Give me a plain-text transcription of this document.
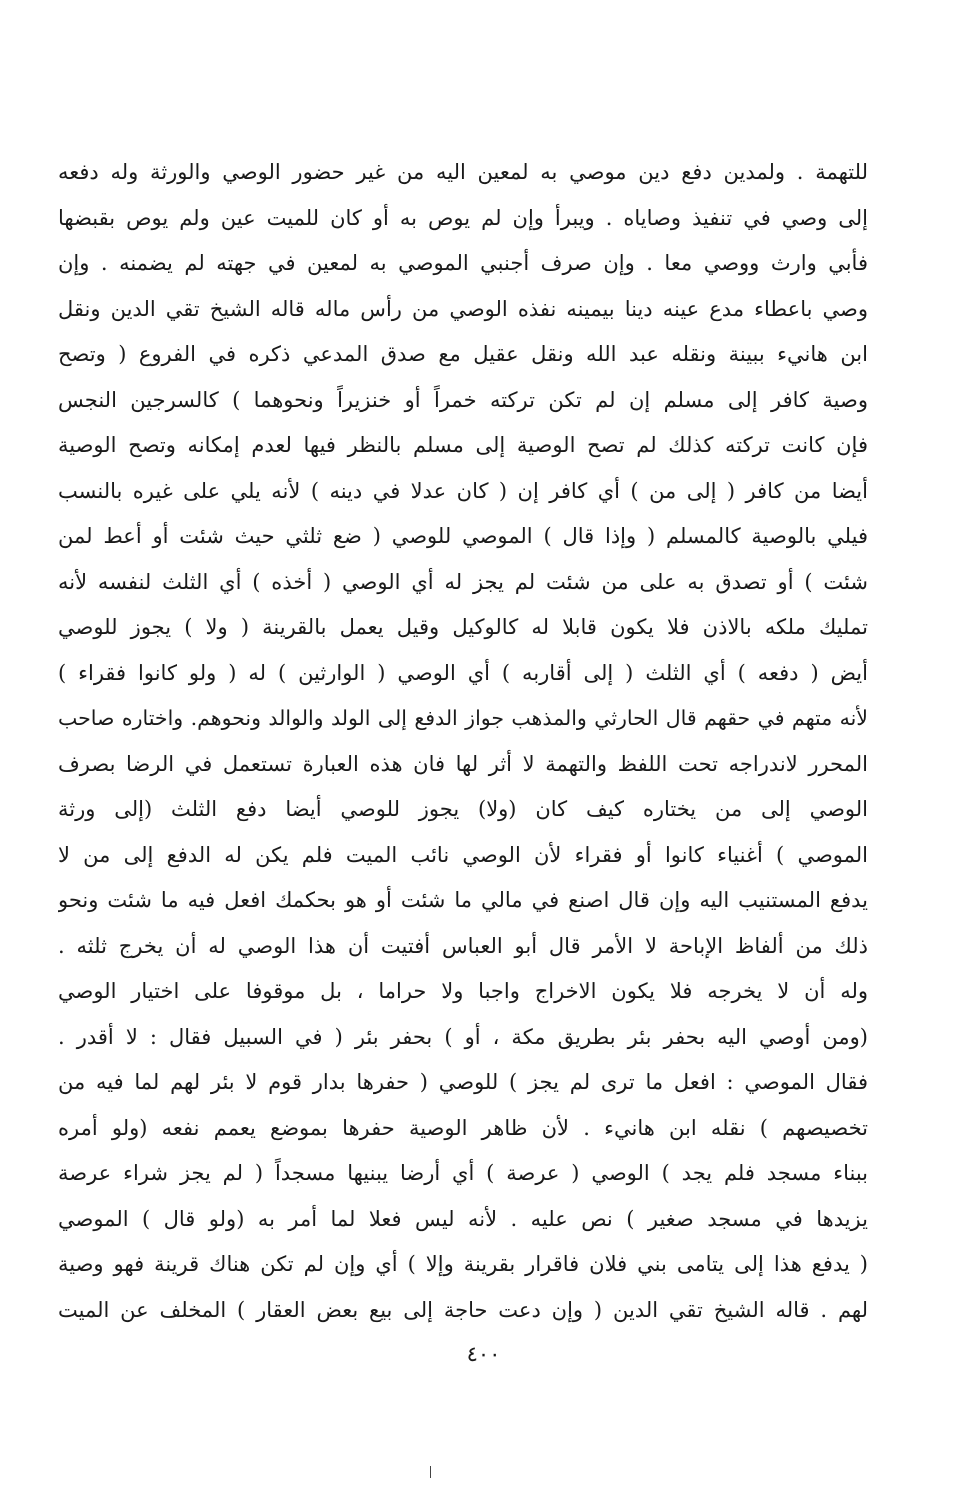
للتهمة . ولمدين دفع دين موصي به لمعين اليه من غير حضور الوصي والورثة وله دفعه
إلى وصي في تنفيذ وصاياه . ويبرأ وإن لم يوص به أو كان للميت عين ولم يوص بقبضها
فأبي وارث ووصي معا . وإن صرف أجنبي الموصي به لمعين في جهته لم يضمنه . وإن
وصي باعطاء مدع عينه دينا بيمينه نفذه الوصي من رأس ماله قاله الشيخ تقي الدين ونقل
ابن هانيء ببينة ونقله عبد الله ونقل عقيل مع صدق المدعي ذكره في الفروع ( وتصح
وصية كافر إلى مسلم إن لم تكن تركته خمراً أو خنزيراً ونحوهما ) كالسرجين النجس
فإن كانت تركته كذلك لم تصح الوصية إلى مسلم بالنظر فيها لعدم إمكانه وتصح الوصية
أيضا من كافر ( إلى من ) أي كافر إن ( كان عدلا في دينه ) لأنه يلي على غيره بالنسب
فيلي بالوصية كالمسلم ( وإذا قال ) الموصي للوصي ( ضع ثلثي حيث شئت أو أعط لمن
شئت ) أو تصدق به على من شئت لم يجز له أي الوصي ( أخذه ) أي الثلث لنفسه لأنه
تمليك ملكه بالاذن فلا يكون قابلا له كالوكيل وقيل يعمل بالقرينة ( ولا ) يجوز للوصي
أيض ( دفعه ) أي الثلث ( إلى أقاربه ) أي الوصي ( الوارثين ) له ( ولو كانوا فقراء )
لأنه متهم في حقهم قال الحارثي والمذهب جواز الدفع إلى الولد والوالد ونحوهم. واختاره صاحب
المحرر لاندراجه تحت اللفظ والتهمة لا أثر لها فان هذه العبارة تستعمل في الرضا بصرف
الوصي إلى من يختاره كيف كان (ولا) يجوز للوصي أيضا دفع الثلث (إلى ورثة
الموصي ) أغنياء كانوا أو فقراء لأن الوصي نائب الميت فلم يكن له الدفع إلى من لا
يدفع المستنيب اليه وإن قال اصنع في مالي ما شئت أو هو بحكمك افعل فيه ما شئت ونحو
ذلك من ألفاظ الإباحة لا الأمر قال أبو العباس أفتيت أن هذا الوصي له أن يخرج ثلثه .
وله أن لا يخرجه فلا يكون الاخراج واجبا ولا حراما ، بل موقوفا على اختيار الوصي
(ومن أوصي اليه بحفر بئر بطريق مكة ، أو ) بحفر بئر ( في السبيل فقال : لا أقدر .
فقال الموصي : افعل ما ترى لم يجز ) للوصي ( حفرها بدار قوم لا بئر لهم لما فيه من
تخصيصهم ) نقله ابن هانيء . لأن ظاهر الوصية حفرها بموضع يعمم نفعه (ولو أمره
ببناء مسجد فلم يجد ) الوصي ( عرصة ) أي أرضا يبنيها مسجداً ( لم يجز شراء عرصة
يزيدها في مسجد صغير ) نص عليه . لأنه ليس فعلا لما أمر به (ولو قال ) الموصي
( يدفع هذا إلى يتامى بني فلان فاقرار بقرينة وإلا ) أي وإن لم تكن هناك قرينة فهو وصية
لهم . قاله الشيخ تقي الدين ( وإن دعت حاجة إلى بيع بعض العقار ) المخلف عن الميت
٤٠٠
